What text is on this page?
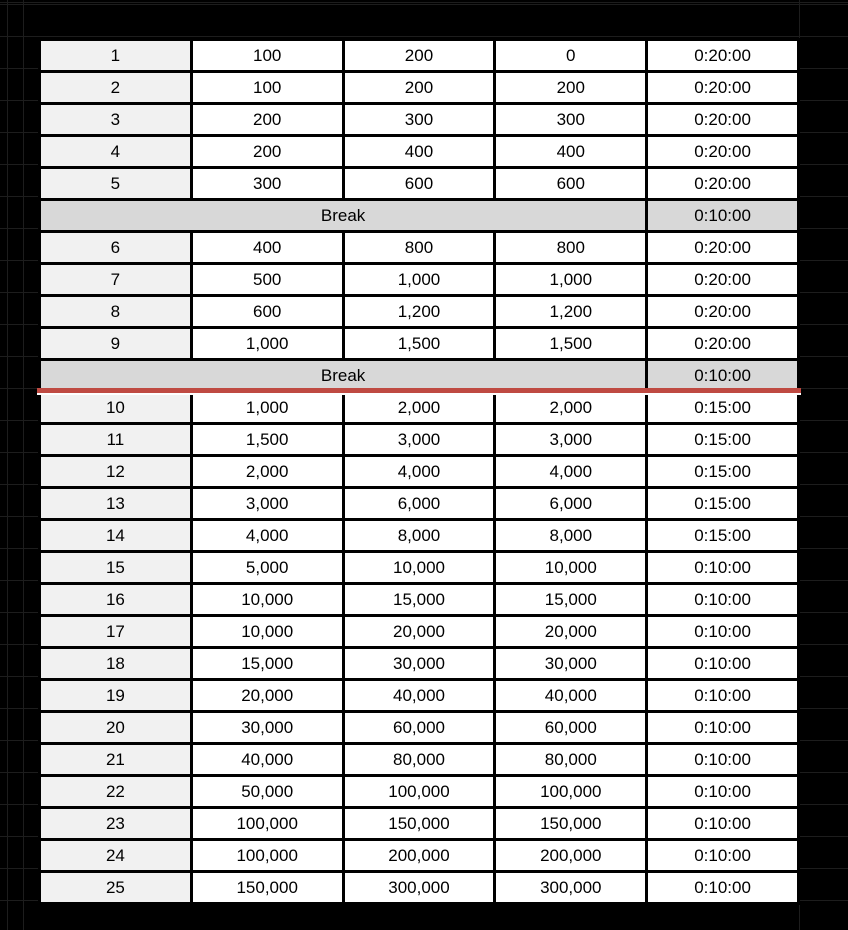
1	100	200	0	0:20:00
2	100	200	200	0:20:00
3	200	300	300	0:20:00
4	200	400	400	0:20:00
5	300	600	600	0:20:00
Break				0:10:00
6	400	800	800	0:20:00
7	500	1,000	1,000	0:20:00
8	600	1,200	1,200	0:20:00
9	1,000	1,500	1,500	0:20:00
Break				0:10:00
10	1,000	2,000	2,000	0:15:00
11	1,500	3,000	3,000	0:15:00
12	2,000	4,000	4,000	0:15:00
13	3,000	6,000	6,000	0:15:00
14	4,000	8,000	8,000	0:15:00
15	5,000	10,000	10,000	0:10:00
16	10,000	15,000	15,000	0:10:00
17	10,000	20,000	20,000	0:10:00
18	15,000	30,000	30,000	0:10:00
19	20,000	40,000	40,000	0:10:00
20	30,000	60,000	60,000	0:10:00
21	40,000	80,000	80,000	0:10:00
22	50,000	100,000	100,000	0:10:00
23	100,000	150,000	150,000	0:10:00
24	100,000	200,000	200,000	0:10:00
25	150,000	300,000	300,000	0:10:00
